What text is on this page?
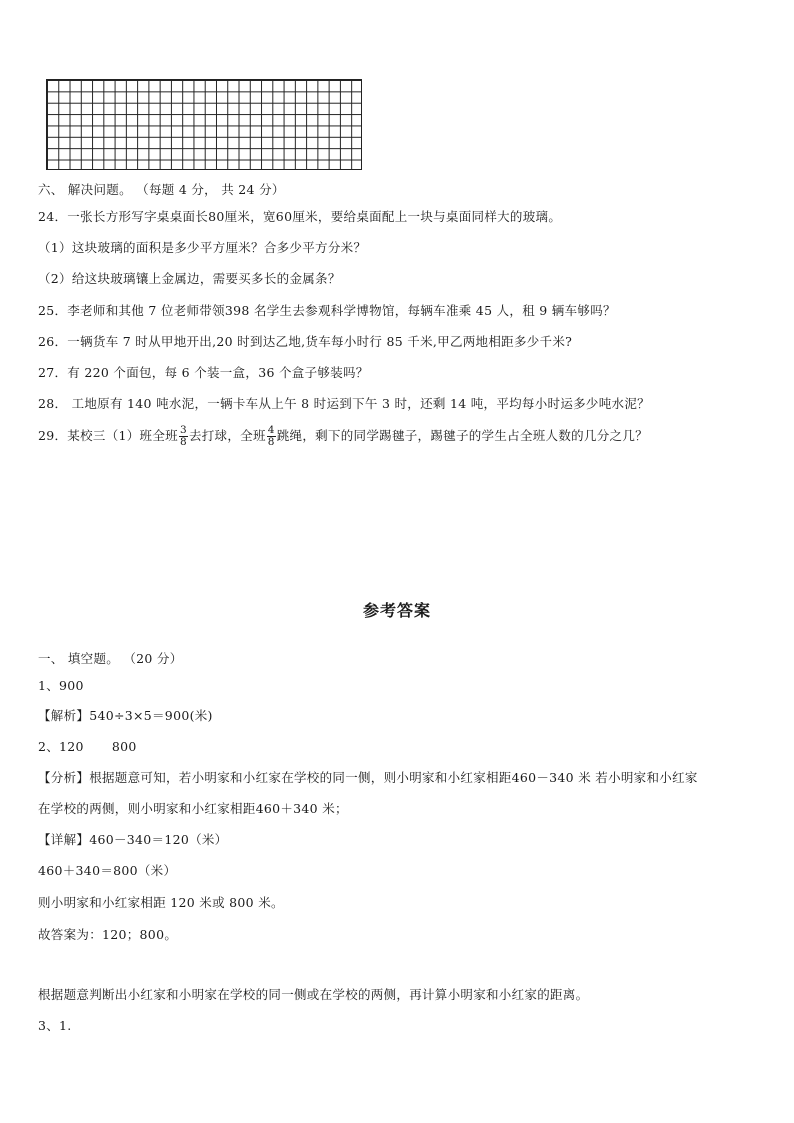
六、 解决问题。 （每题 4 分， 共 24 分）
24．一张长方形写字桌桌面长80厘米，宽60厘米，要给桌面配上一块与桌面同样大的玻璃。
（1）这块玻璃的面积是多少平方厘米？合多少平方分米？
（2）给这块玻璃镶上金属边，需要买多长的金属条？
25．李老师和其他 7 位老师带领398 名学生去参观科学博物馆，每辆车准乘 45 人，租 9 辆车够吗？
26．一辆货车 7 时从甲地开出,20 时到达乙地,货车每小时行 85 千米,甲乙两地相距多少千米?
27．有 220 个面包，每 6 个装一盒，36 个盒子够装吗？
28． 工地原有 140 吨水泥，一辆卡车从上午 8 时运到下午 3 时，还剩 14 吨，平均每小时运多少吨水泥？
29．某校三（1）班全班 $\frac{3}{8}$ 去打球，全班 $\frac{4}{8}$ 跳绳，剩下的同学踢毽子，踢毽子的学生占全班人数的几分之几？
参考答案
一、 填空题。 （20 分）
1、900
【解析】540÷3×5＝900(米)
2、120 800
【分析】根据题意可知，若小明家和小红家在学校的同一侧，则小明家和小红家相距460－340 米 若小明家和小红家
在学校的两侧，则小明家和小红家相距460＋340 米；
【详解】460－340＝120（米）
460＋340＝800（米）
则小明家和小红家相距 120 米或 800 米。
故答案为：120；800。
根据题意判断出小红家和小明家在学校的同一侧或在学校的两侧，再计算小明家和小红家的距离。
3、1.
